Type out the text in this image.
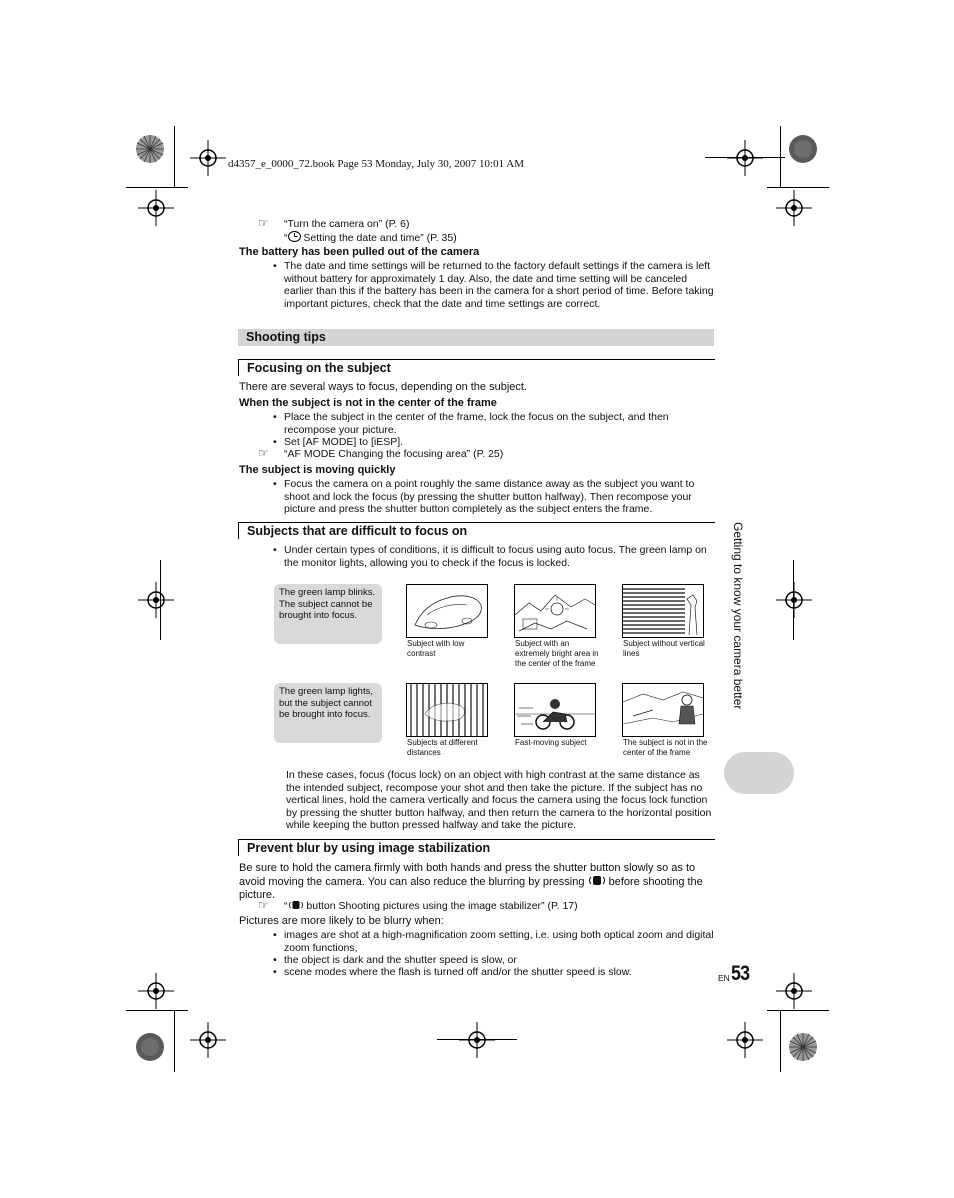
d4357_e_0000_72.book Page 53 Monday, July 30, 2007 10:01 AM
☞ “Turn the camera on” (P. 6)
“ Setting the date and time” (P. 35)
The battery has been pulled out of the camera
• The date and time settings will be returned to the factory default settings if the camera is left without battery for approximately 1 day. Also, the date and time setting will be canceled earlier than this if the battery has been in the camera for a short period of time. Before taking important pictures, check that the date and time settings are correct.
Shooting tips
Focusing on the subject
There are several ways to focus, depending on the subject.
When the subject is not in the center of the frame
• Place the subject in the center of the frame, lock the focus on the subject, and then recompose your picture.
• Set [AF MODE] to [iESP].
☞ “AF MODE Changing the focusing area” (P. 25)
The subject is moving quickly
• Focus the camera on a point roughly the same distance away as the subject you want to shoot and lock the focus (by pressing the shutter button halfway). Then recompose your picture and press the shutter button completely as the subject enters the frame.
Subjects that are difficult to focus on
• Under certain types of conditions, it is difficult to focus using auto focus. The green lamp on the monitor lights, allowing you to check if the focus is locked.
The green lamp blinks.
The subject cannot be brought into focus.
The green lamp lights, but the subject cannot be brought into focus.
Subject with low contrast
Subject with an extremely bright area in the center of the frame
Subject without vertical lines
Subjects at different distances
Fast-moving subject	The subject is not in the center of the frame
In these cases, focus (focus lock) on an object with high contrast at the same distance as the intended subject, recompose your shot and then take the picture. If the subject has no vertical lines, hold the camera vertically and focus the camera using the focus lock function by pressing the shutter button halfway, and then return the camera to the horizontal position while keeping the button pressed halfway and take the picture.
Prevent blur by using image stabilization
Be sure to hold the camera firmly with both hands and press the shutter button slowly so as to avoid moving the camera. You can also reduce the blurring by pressing  before shooting the picture.
☞ “ button Shooting pictures using the image stabilizer” (P. 17)
Pictures are more likely to be blurry when:
• images are shot at a high-magnification zoom setting, i.e. using both optical zoom and digital zoom functions,
• the object is dark and the shutter speed is slow, or
• scene modes where the flash is turned off and/or the shutter speed is slow.	EN 53
Getting to know your camera better
